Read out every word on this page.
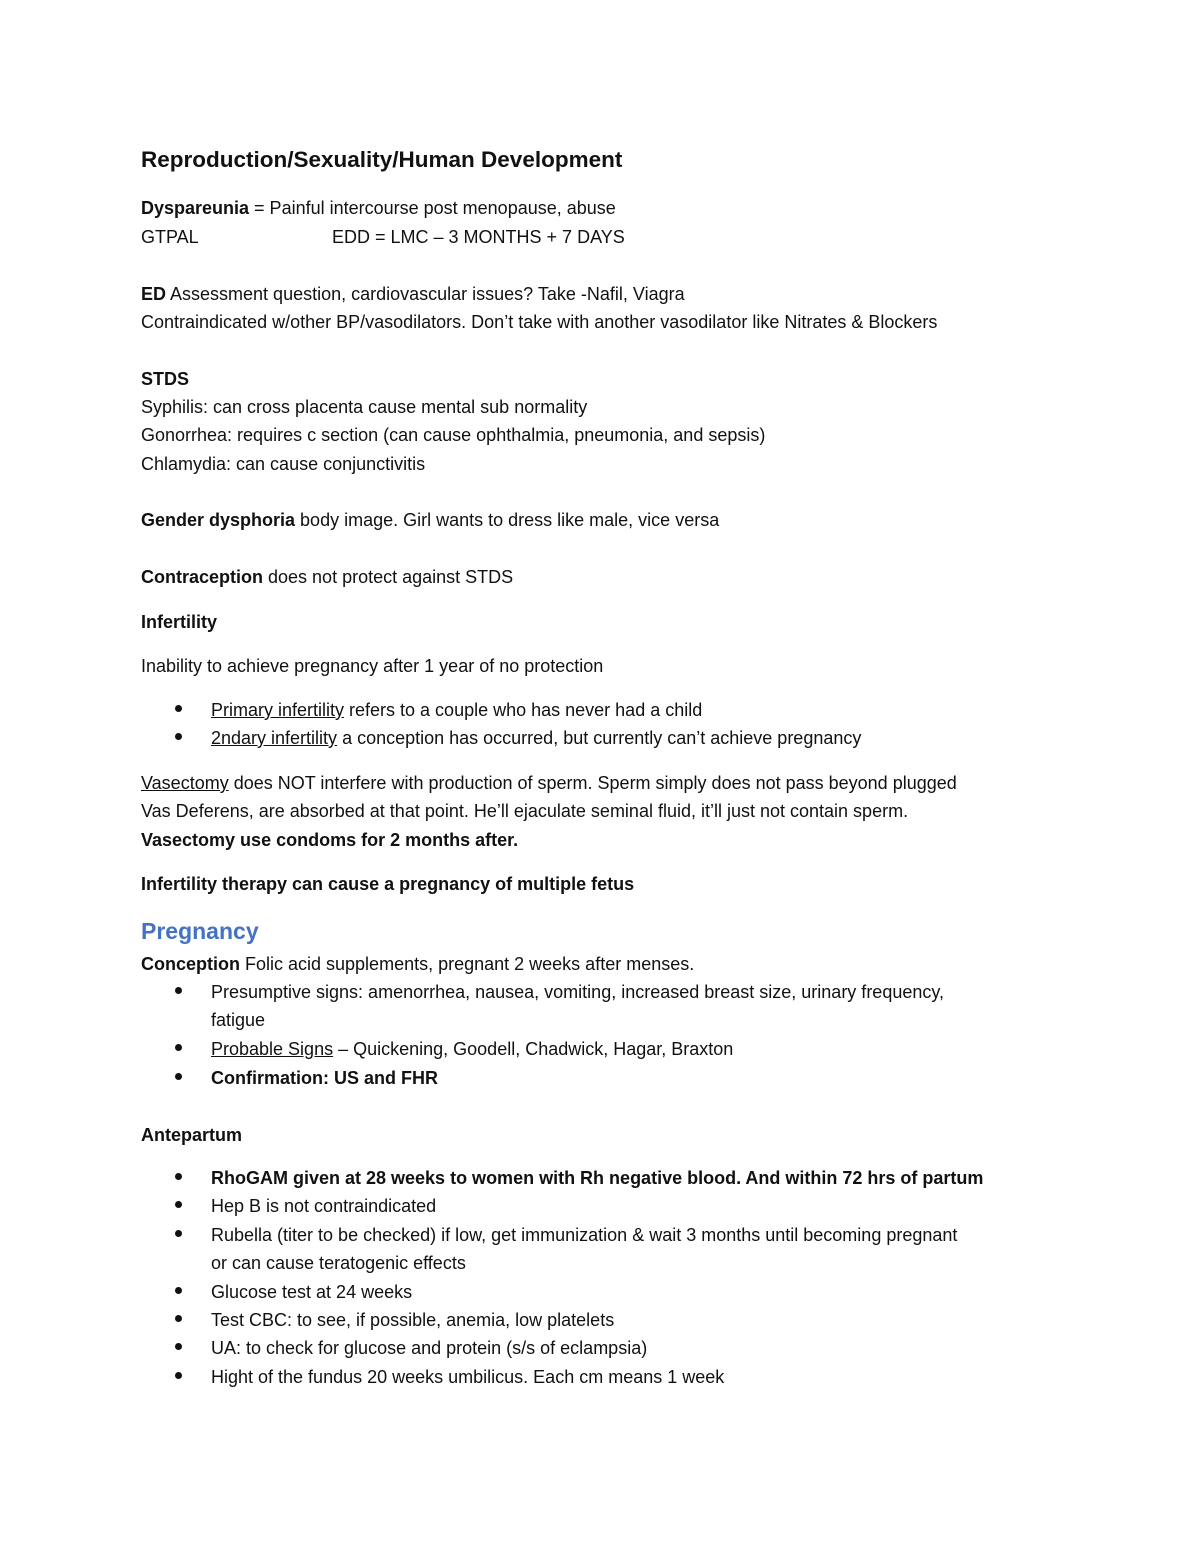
Reproduction/Sexuality/Human Development
Dyspareunia = Painful intercourse post menopause, abuse
GTPAL	EDD = LMC – 3 MONTHS + 7 DAYS
ED Assessment question, cardiovascular issues? Take -Nafil, Viagra
Contraindicated w/other BP/vasodilators. Don’t take with another vasodilator like Nitrates & Blockers
STDS
Syphilis: can cross placenta cause mental sub normality
Gonorrhea: requires c section (can cause ophthalmia, pneumonia, and sepsis)
Chlamydia: can cause conjunctivitis
Gender dysphoria body image. Girl wants to dress like male, vice versa
Contraception does not protect against STDS
Infertility
Inability to achieve pregnancy after 1 year of no protection
Primary infertility refers to a couple who has never had a child
2ndary infertility a conception has occurred, but currently can’t achieve pregnancy
Vasectomy does NOT interfere with production of sperm. Sperm simply does not pass beyond plugged
Vas Deferens, are absorbed at that point. He’ll ejaculate seminal fluid, it’ll just not contain sperm.
Vasectomy use condoms for 2 months after.
Infertility therapy can cause a pregnancy of multiple fetus
Pregnancy
Conception Folic acid supplements, pregnant 2 weeks after menses.
Presumptive signs: amenorrhea, nausea, vomiting, increased breast size, urinary frequency,
fatigue
Probable Signs – Quickening, Goodell, Chadwick, Hagar, Braxton
Confirmation: US and FHR
Antepartum
RhoGAM given at 28 weeks to women with Rh negative blood. And within 72 hrs of partum
Hep B is not contraindicated
Rubella (titer to be checked) if low, get immunization & wait 3 months until becoming pregnant
or can cause teratogenic effects
Glucose test at 24 weeks
Test CBC: to see, if possible, anemia, low platelets
UA: to check for glucose and protein (s/s of eclampsia)
Hight of the fundus 20 weeks umbilicus. Each cm means 1 week
